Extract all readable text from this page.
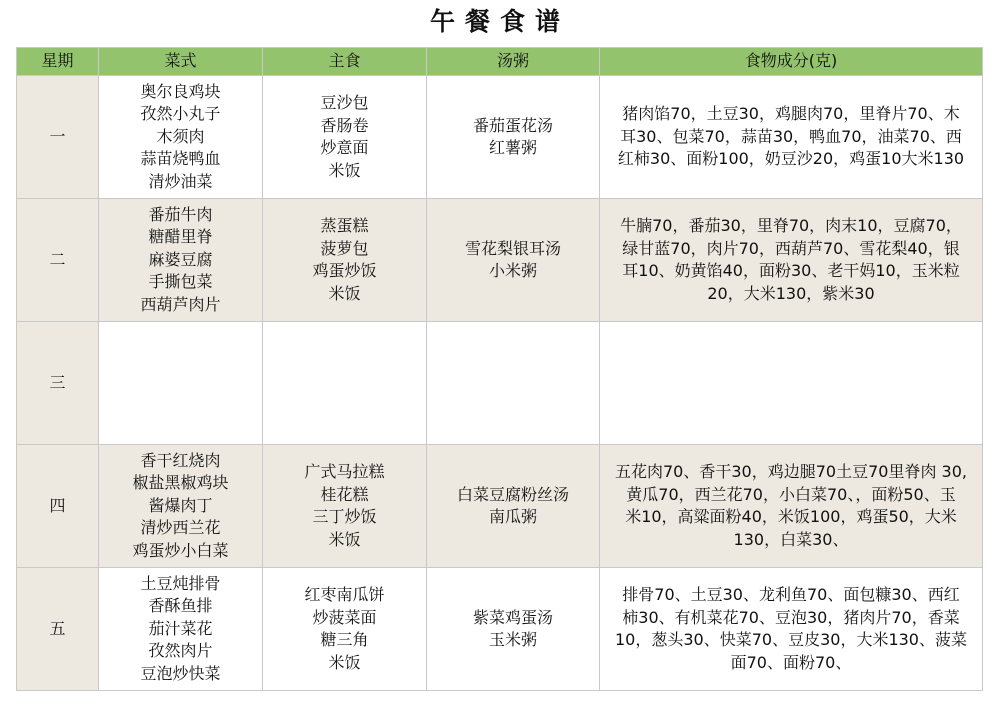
午餐食谱
星期	菜式	主食	汤粥	食物成分(克)
一	奥尔良鸡块
孜然小丸子
木须肉
蒜苗烧鸭血
清炒油菜	豆沙包
香肠卷
炒意面
米饭	番茄蛋花汤
红薯粥	猪肉馅70，土豆30，鸡腿肉70，里脊片70、木
耳30、包菜70，蒜苗30，鸭血70，油菜70、西
红柿30、面粉100，奶豆沙20，鸡蛋10大米130

二	番茄牛肉
糖醋里脊
麻婆豆腐
手撕包菜
西葫芦肉片	蒸蛋糕
菠萝包
鸡蛋炒饭
米饭	雪花梨银耳汤
小米粥	牛腩70，番茄30，里脊70，肉末10，豆腐70，
绿甘蓝70，肉片70，西葫芦70、雪花梨40，银
耳10、奶黄馅40，面粉30、老干妈10，玉米粒
20，大米130，紫米30

三				
四	香干红烧肉
椒盐黑椒鸡块
酱爆肉丁
清炒西兰花
鸡蛋炒小白菜	广式马拉糕
桂花糕
三丁炒饭
米饭	白菜豆腐粉丝汤
南瓜粥	五花肉70、香干30，鸡边腿70土豆70里脊肉 30,
黄瓜70，西兰花70，小白菜70、，面粉50、玉
米10，高粱面粉40，米饭100，鸡蛋50，大米
130，白菜30、

五	土豆炖排骨
香酥鱼排
茄汁菜花
孜然肉片
豆泡炒快菜	红枣南瓜饼
炒菠菜面
糖三角
米饭	紫菜鸡蛋汤
玉米粥	排骨70、土豆30、龙利鱼70、面包糠30、西红
柿30、有机菜花70、豆泡30，猪肉片70，香菜
10，葱头30、快菜70、豆皮30，大米130、菠菜
面70、面粉70、
